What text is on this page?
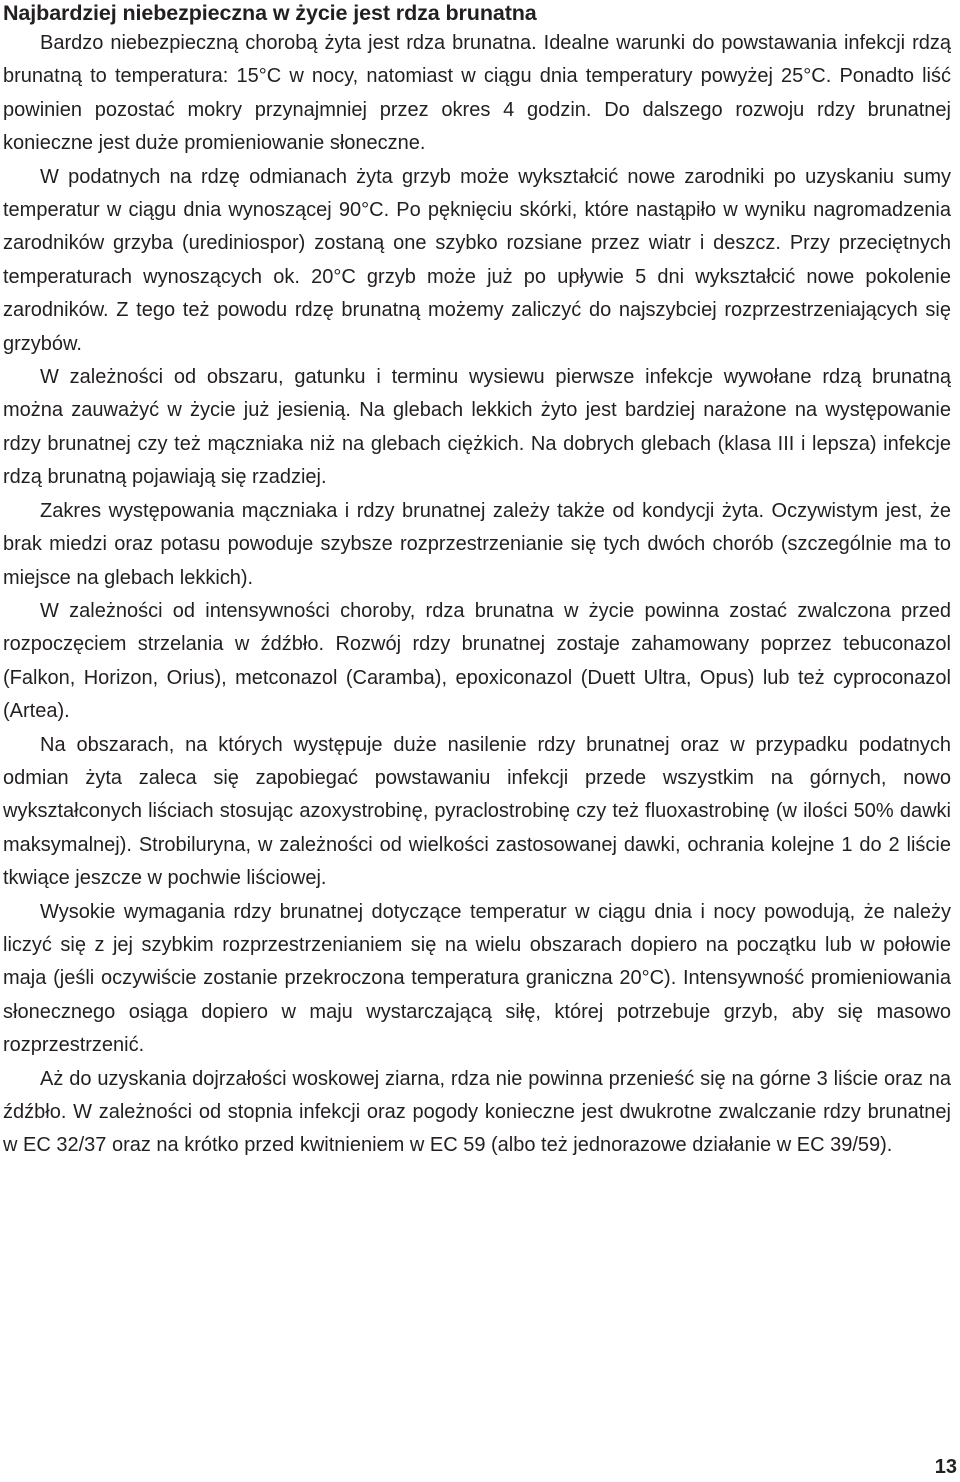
Najbardziej niebezpieczna w życie jest rdza brunatna

Bardzo niebezpieczną chorobą żyta jest rdza brunatna. Idealne warunki do powstawania infekcji rdzą brunatną to temperatura: 15°C w nocy, natomiast w ciągu dnia temperatury powyżej 25°C. Ponadto liść powinien pozostać mokry przynajmniej przez okres 4 godzin. Do dalszego rozwoju rdzy brunatnej konieczne jest duże promieniowanie słoneczne.

W podatnych na rdzę odmianach żyta grzyb może wykształcić nowe zarodniki po uzyskaniu sumy temperatur w ciągu dnia wynoszącej 90°C. Po pęknięciu skórki, które nastąpiło w wyniku nagromadzenia zarodników grzyba (urediniospor) zostaną one szybko rozsiane przez wiatr i deszcz. Przy przeciętnych temperaturach wynoszących ok. 20°C grzyb może już po upływie 5 dni wykształcić nowe pokolenie zarodników. Z tego też powodu rdzę brunatną możemy zaliczyć do najszybciej rozprzestrzeniających się grzybów.

W zależności od obszaru, gatunku i terminu wysiewu pierwsze infekcje wywołane rdzą brunatną można zauważyć w życie już jesienią. Na glebach lekkich żyto jest bardziej narażone na występowanie rdzy brunatnej czy też mączniaka niż na glebach ciężkich. Na dobrych glebach (klasa III i lepsza) infekcje rdzą brunatną pojawiają się rzadziej.

Zakres występowania mączniaka i rdzy brunatnej zależy także od kondycji żyta. Oczywistym jest, że brak miedzi oraz potasu powoduje szybsze rozprzestrzenianie się tych dwóch chorób (szczególnie ma to miejsce na glebach lekkich).

W zależności od intensywności choroby, rdza brunatna w życie powinna zostać zwalczona przed rozpoczęciem strzelania w źdźbło. Rozwój rdzy brunatnej zostaje zahamowany poprzez tebuconazol (Falkon, Horizon, Orius), metconazol (Caramba), epoxiconazol (Duett Ultra, Opus) lub też cyproconazol (Artea).

Na obszarach, na których występuje duże nasilenie rdzy brunatnej oraz w przypadku podatnych odmian żyta zaleca się zapobiegać powstawaniu infekcji przede wszystkim na górnych, nowo wykształconych liściach stosując azoxystrobinę, pyraclostrobinę czy też fluoxastrobinę (w ilości 50% dawki maksymalnej). Strobiluryna, w zależności od wielkości zastosowanej dawki, ochrania kolejne 1 do 2 liście tkwiące jeszcze w pochwie liściowej.

Wysokie wymagania rdzy brunatnej dotyczące temperatur w ciągu dnia i nocy powodują, że należy liczyć się z jej szybkim rozprzestrzenianiem się na wielu obszarach dopiero na początku lub w połowie maja (jeśli oczywiście zostanie przekroczona temperatura graniczna 20°C). Intensywność promieniowania słonecznego osiąga dopiero w maju wystarczającą siłę, której potrzebuje grzyb, aby się masowo rozprzestrzenić.

Aż do uzyskania dojrzałości woskowej ziarna, rdza nie powinna przenieść się na górne 3 liście oraz na źdźbło. W zależności od stopnia infekcji oraz pogody konieczne jest dwukrotne zwalczanie rdzy brunatnej w EC 32/37 oraz na krótko przed kwitnieniem w EC 59 (albo też jednorazowe działanie w EC 39/59).

13
